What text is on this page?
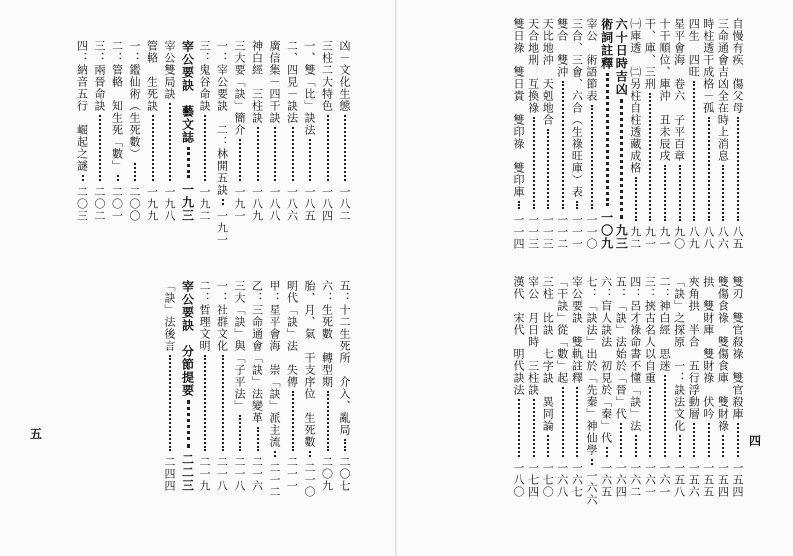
五
凶－文化生態
一八二
三柱二大特色
一八四
一、雙「比」訣法
一八五
二、四見－訣法
一八六
廣信集－四干訣
一八八
神白經　三柱訣
一八九
三大要「訣」簡介
一九一
一：宰公要訣　二：林開五訣
一九一
三：鬼谷命訣
一九二
宰公要訣　藝文誌
一九三
宰公雙局訣
一九八
管輅　生死訣
一九九
一：鑑仙術（生死數）
二〇〇
二：管輅　知生死「數」
二〇一
三：兩晉命訣
二〇二
四：納音五行　崛起之謎
二〇三
五：十二生死所　介入、亂局
二〇七
六：生死數　轉型期
二〇九
胎、月、氣　干支序位　生死數
二一〇
明代「訣」法　失傳
二一一
甲：星平會海　崇「訣」派主流
二一二
乙：三命通會「訣」法變革
二一六
三大「訣」與「子平法」
二一八
一：社群文化
二一八
二：哲理文明
二一九
宰公要訣　分節提要
二二三
「訣」法後言
二四四
四
自慢有疾　傷父母
八五
三命通會吉凶全在時上消息
八六
時柱透干成格－孤
八八
四生　四旺
八九
星平會海　卷六　子平百章
九〇
十干順位、庫沖　丑未辰戌
九一
干、庫、三刑
九一
㈠庫透　㈡另柱自柱透藏成格
九二
六十日時吉凶
九三
術詞註釋
一〇九
宰公　術語節表
一一〇
三合、三會、六合（生祿旺庫）表
一一一
雙合　雙沖
一一二
天比地沖　天剋地合
一一三
天合地刑　互換祿
一一三
雙日祿　雙日貴　雙印祿　雙印庫
一一四
雙刃　雙官殺祿　雙官殺庫
一五四
雙傷食祿　雙傷食庫　雙財祿
一五四
拱　雙財庫　雙財祿　伏吟
一五五
夾角拱　半合　五行浮動層
一五六
「訣」之探原　一：訣法文化
一五八
二：神白經　思迷
一六一
三：挾古名人以自重
一六一
四：呂才祿命書不懂「訣」法
一六二
五：「訣」法始於「晉」代
一六四
六：盲人訣法　初見於「秦」代
一六五
七：「訣法」出於「先秦」神仙學
一六六
宰公要訣　雙軌註釋
一六七
「干訣」從「數」起
一六八
三柱　比訣　七字訣　異同論
一七〇
宰公　月日時　三柱訣
一七四
漢代　宋代　明代訣法
一八〇
